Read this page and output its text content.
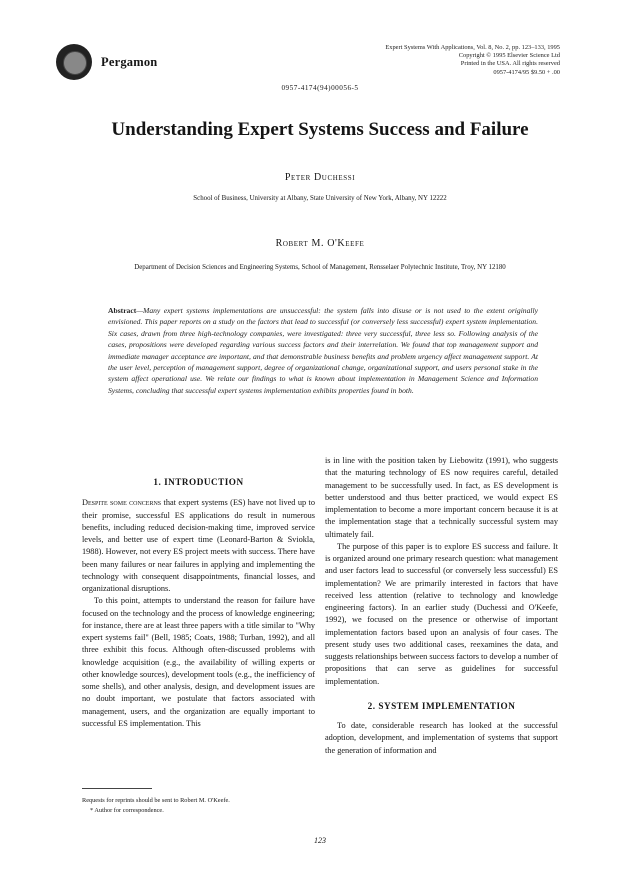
Pergamon
Expert Systems With Applications, Vol. 8, No. 2, pp. 123–133, 1995
Copyright © 1995 Elsevier Science Ltd
Printed in the USA. All rights reserved
0957-4174/95 $9.50 + .00
0957-4174(94)00056-5
Understanding Expert Systems Success and Failure
Peter Duchessi
School of Business, University at Albany, State University of New York, Albany, NY 12222
Robert M. O'Keefe
Department of Decision Sciences and Engineering Systems, School of Management, Rensselaer Polytechnic Institute, Troy, NY 12180
Abstract—Many expert systems implementations are unsuccessful: the system falls into disuse or is not used to the extent originally envisioned. This paper reports on a study on the factors that lead to successful (or conversely less successful) expert system implementation. Six cases, drawn from three high-technology companies, were investigated: three very successful, three less so. Following analysis of the cases, propositions were developed regarding various success factors and their interrelation. We found that top management support and immediate manager acceptance are important, and that demonstrable business benefits and problem urgency affect management support. At the user level, perception of management support, degree of organizational change, organizational support, and users personal stake in the system affect operational use. We relate our findings to what is known about implementation in Management Science and Information Systems, concluding that successful expert systems implementation exhibits properties found in both.
1. INTRODUCTION

Despite some concerns that expert systems (ES) have not lived up to their promise, successful ES applications do result in numerous benefits, including reduced decision-making time, improved service levels, and better use of expert time (Leonard-Barton & Sviokla, 1988). However, not every ES project meets with success. There have been many failures or near failures in applying and implementing the technology with consequent disappointments, financial losses, and organizational disruptions.

To this point, attempts to understand the reason for failure have focused on the technology and the process of knowledge engineering; for instance, there are at least three papers with a title similar to "Why expert systems fail" (Bell, 1985; Coats, 1988; Turban, 1992), and all three exhibit this focus. Although often-discussed problems with knowledge acquisition (e.g., the availability of willing experts or other knowledge sources), development tools (e.g., the inefficiency of some shells), and other analysis, design, and development issues are no doubt important, we postulate that factors associated with management, users, and the organization are equally important to successful ES implementation. This

is in line with the position taken by Liebowitz (1991), who suggests that the maturing technology of ES now requires careful, detailed management to be successfully used. In fact, as ES development is better understood and thus better practiced, we would expect ES implementation to become a more important concern because it is at the implementation stage that a technically successful system may ultimately fail.

The purpose of this paper is to explore ES success and failure. It is organized around one primary research question: what management and user factors lead to successful (or conversely less successful) ES implementation? We are primarily interested in factors that have received less attention (relative to technology and knowledge engineering factors). In an earlier study (Duchessi and O'Keefe, 1992), we focused on the presence or otherwise of important implementation factors based upon an analysis of four cases. The present study uses two additional cases, reexamines the data, and suggests relationships between success factors to develop a number of propositions that can serve as guidelines for successful implementation.

2. SYSTEM IMPLEMENTATION

To date, considerable research has looked at the successful adoption, development, and implementation of systems that support the generation of information and

Requests for reprints should be sent to Robert M. O'Keefe.
* Author for correspondence.
123
